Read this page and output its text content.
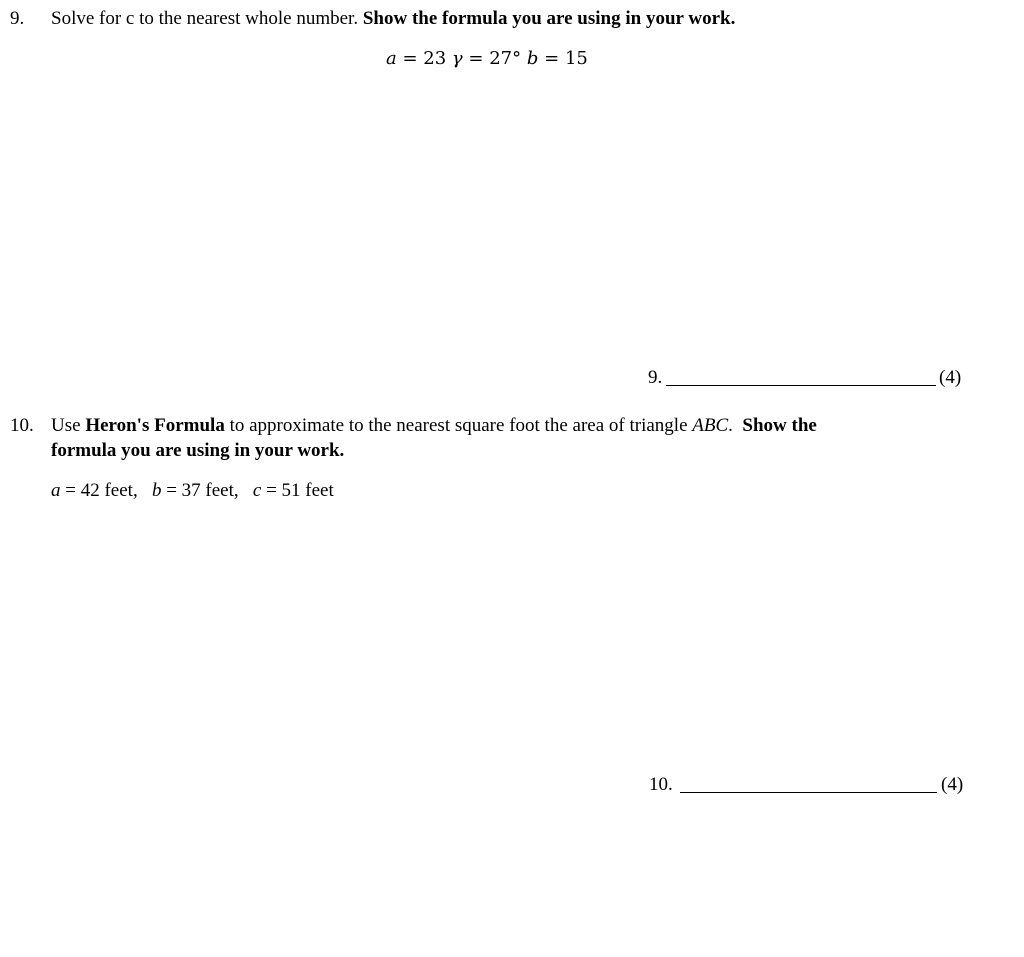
9. Solve for c to the nearest whole number. Show the formula you are using in your work.
a = 23 γ = 27° b = 15
9.	(4)
10. Use Heron's Formula to approximate to the nearest square foot the area of triangle ABC. Show the
formula you are using in your work.
a = 42 feet, b = 37 feet, c = 51 feet
10.	(4)
